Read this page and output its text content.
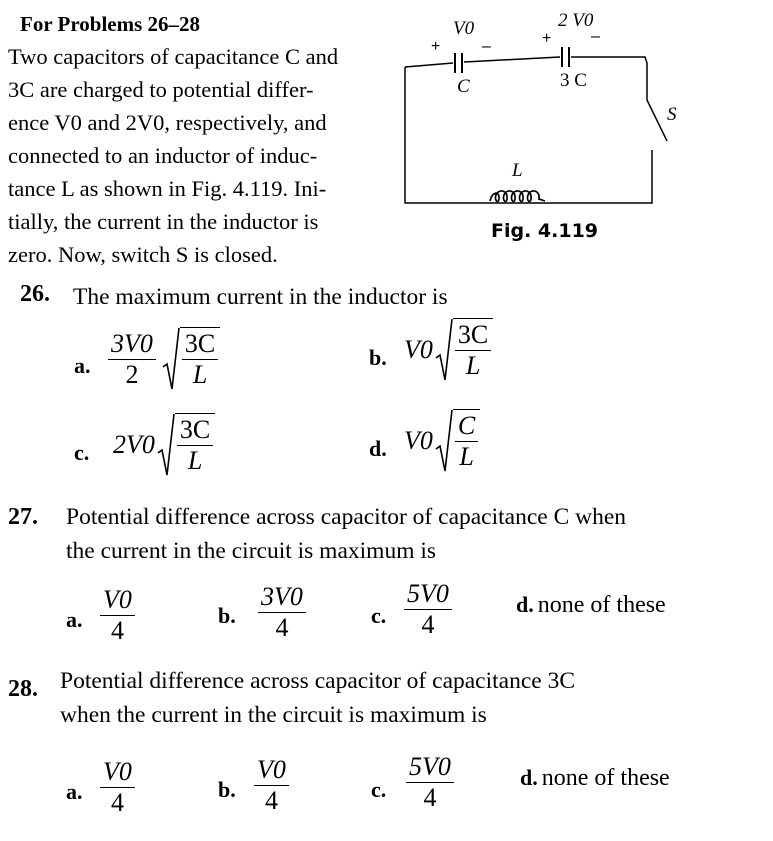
For Problems 26–28
Two capacitors of capacitance C and
3C are charged to potential differ-
ence V0 and 2V0, respectively, and
connected to an inductor of induc-
tance L as shown in Fig. 4.119. Ini-
tially, the current in the inductor is
zero. Now, switch S is closed.
V0
+	–
C
2 V0
+ –
3 C
S
L
Fig. 4.119
26. The maximum current in the inductor is
a. $\frac{3V0}{2} \frac{3C}{L}$	b. $V0 \frac{3C}{L}$
c. $2V0 \frac{3C}{L}$	d. $V0 \frac{C}{L}$
27. Potential difference across capacitor of capacitance C when
the current in the circuit is maximum is
a. $\frac{V0}{4}$	b. $\frac{3V0}{4}$	c. $\frac{5V0}{4}$	d. none of these
28. Potential difference across capacitor of capacitance 3C
when the current in the circuit is maximum is
a. $\frac{V0}{4}$	b. $\frac{V0}{4}$	c. $\frac{5V0}{4}$	d. none of these
